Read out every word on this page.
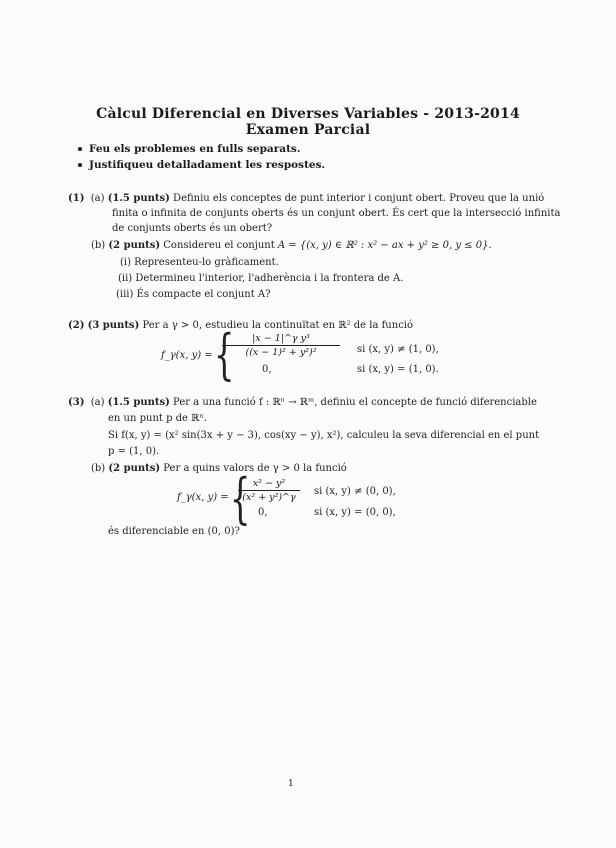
Càlcul Diferencial en Diverses Variables - 2013-2014
Examen Parcial
Feu els problemes en fulls separats.
Justifiqueu detalladament les respostes.
(1) (a) (1.5 punts) Definiu els conceptes de punt interior i conjunt obert. Proveu que la unió
finita o infinita de conjunts oberts és un conjunt obert. És cert que la intersecció infinita
de conjunts oberts és un obert?
(b) (2 punts) Considereu el conjunt A = {(x, y) ∈ ℝ² : x² − ax + y² ≥ 0, y ≤ 0}.
(i) Representeu-lo gràficament.
(ii) Determineu l'interior, l'adherència i la frontera de A.
(iii) És compacte el conjunt A?
(2) (3 punts) Per a γ > 0, estudieu la continuïtat en ℝ² de la funció
f_γ(x, y) = {	|x − 1|^γ y³
((x − 1)² + y²)²	si (x, y) ≠ (1, 0),
0,	si (x, y) = (1, 0).
(3) (a) (1.5 punts) Per a una funció f : ℝⁿ → ℝᵐ, definiu el concepte de funció diferenciable
en un punt p de ℝⁿ.
Si f(x, y) = (x² sin(3x + y − 3), cos(xy − y), x²), calculeu la seva diferencial en el punt
p = (1, 0).
(b) (2 punts) Per a quins valors de γ > 0 la funció
f_γ(x, y) = { x² − y²
(x² + y²)^γ
si (x, y) ≠ (0, 0),
0,	si (x, y) = (0, 0),
és diferenciable en (0, 0)?
1
